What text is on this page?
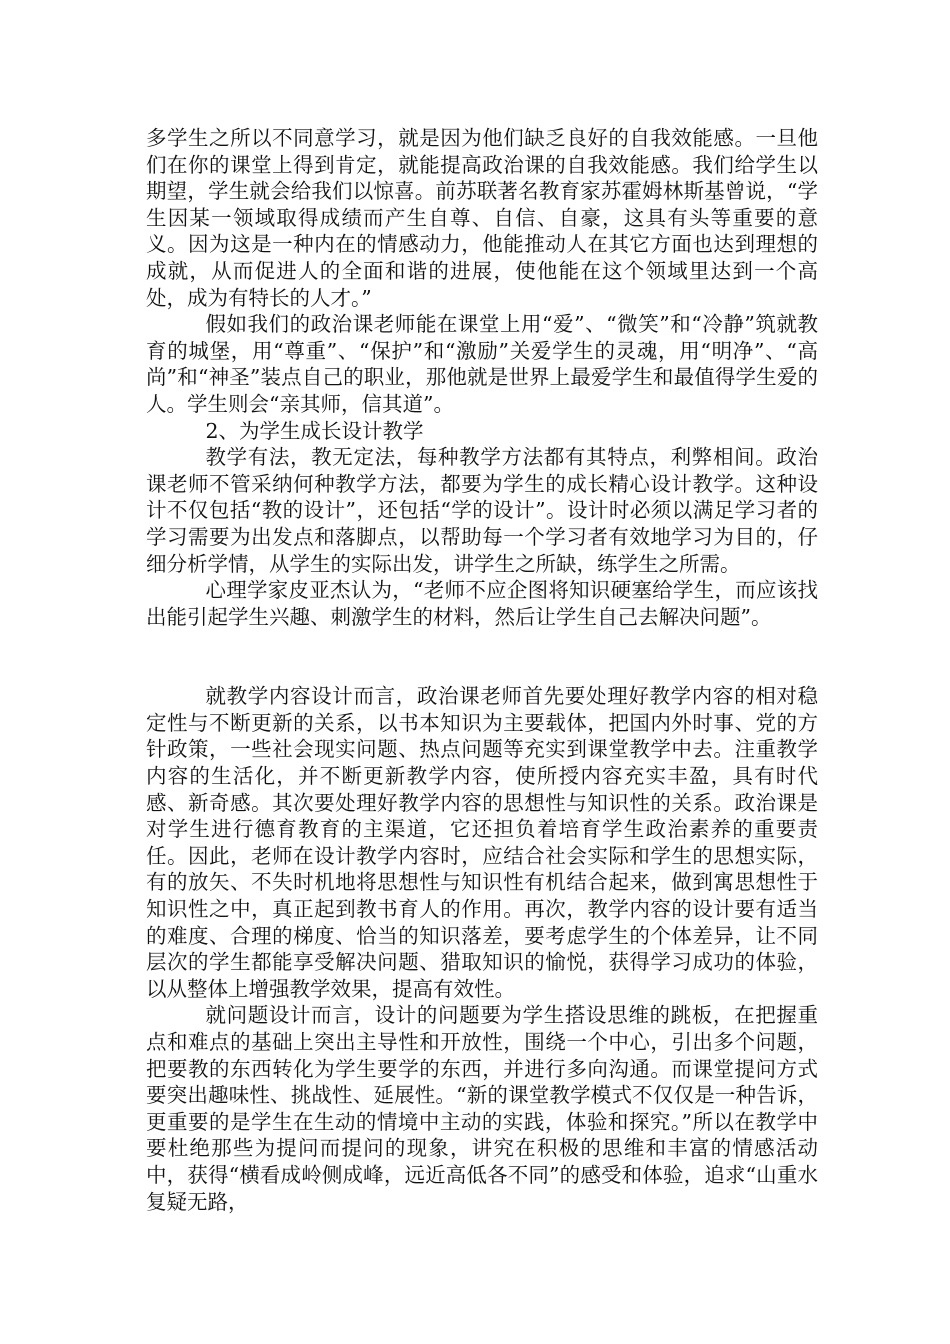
多学生之所以不同意学习，就是因为他们缺乏良好的自我效能感。一旦他们在你的课堂上得到肯定，就能提高政治课的自我效能感。我们给学生以期望，学生就会给我们以惊喜。前苏联著名教育家苏霍姆林斯基曾说，“学生因某一领域取得成绩而产生自尊、自信、自豪，这具有头等重要的意义。因为这是一种内在的情感动力，他能推动人在其它方面也达到理想的成就，从而促进人的全面和谐的进展，使他能在这个领域里达到一个高处，成为有特长的人才。”

假如我们的政治课老师能在课堂上用“爱”、“微笑”和“冷静”筑就教育的城堡，用“尊重”、“保护”和“激励”关爱学生的灵魂，用“明净”、“高尚”和“神圣”装点自己的职业，那他就是世界上最爱学生和最值得学生爱的人。学生则会“亲其师，信其道”。

2、为学生成长设计教学

教学有法，教无定法，每种教学方法都有其特点，利弊相间。政治课老师不管采纳何种教学方法，都要为学生的成长精心设计教学。这种设计不仅包括“教的设计”，还包括“学的设计”。设计时必须以满足学习者的学习需要为出发点和落脚点，以帮助每一个学习者有效地学习为目的，仔细分析学情，从学生的实际出发，讲学生之所缺，练学生之所需。

心理学家皮亚杰认为，“老师不应企图将知识硬塞给学生，而应该找出能引起学生兴趣、刺激学生的材料，然后让学生自己去解决问题”。

就教学内容设计而言，政治课老师首先要处理好教学内容的相对稳定性与不断更新的关系，以书本知识为主要载体，把国内外时事、党的方针政策，一些社会现实问题、热点问题等充实到课堂教学中去。注重教学内容的生活化，并不断更新教学内容，使所授内容充实丰盈，具有时代感、新奇感。其次要处理好教学内容的思想性与知识性的关系。政治课是对学生进行德育教育的主渠道，它还担负着培育学生政治素养的重要责任。因此，老师在设计教学内容时，应结合社会实际和学生的思想实际，有的放矢、不失时机地将思想性与知识性有机结合起来，做到寓思想性于知识性之中，真正起到教书育人的作用。再次，教学内容的设计要有适当的难度、合理的梯度、恰当的知识落差，要考虑学生的个体差异，让不同层次的学生都能享受解决问题、猎取知识的愉悦，获得学习成功的体验，以从整体上增强教学效果，提高有效性。

就问题设计而言，设计的问题要为学生搭设思维的跳板，在把握重点和难点的基础上突出主导性和开放性，围绕一个中心，引出多个问题，把要教的东西转化为学生要学的东西，并进行多向沟通。而课堂提问方式要突出趣味性、挑战性、延展性。“新的课堂教学模式不仅仅是一种告诉，更重要的是学生在生动的情境中主动的实践，体验和探究。”所以在教学中要杜绝那些为提问而提问的现象，讲究在积极的思维和丰富的情感活动中，获得“横看成岭侧成峰，远近高低各不同”的感受和体验，追求“山重水复疑无路，
